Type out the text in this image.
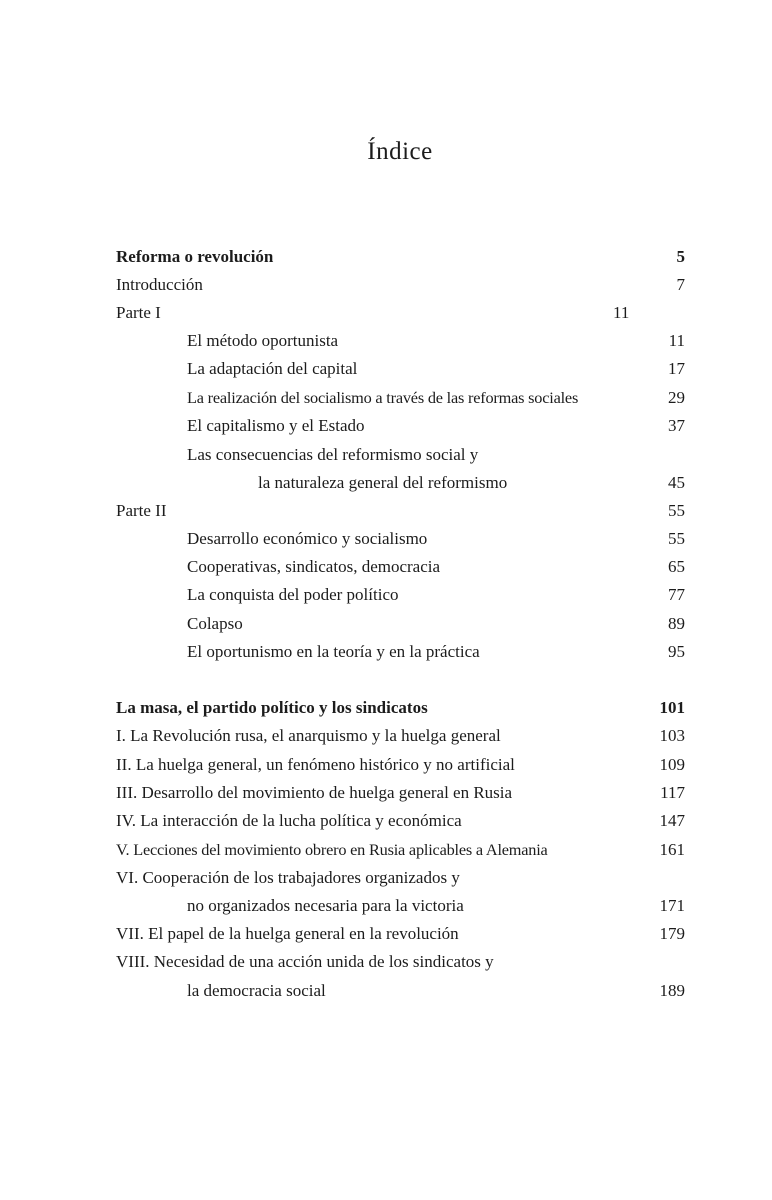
Índice
Reforma o revolución	5
Introducción	7
Parte I	11
El método oportunista	11
La adaptación del capital	17
La realización del socialismo a través de las reformas sociales	29
El capitalismo y el Estado	37
Las consecuencias del reformismo social y
la naturaleza general del reformismo	45
Parte II	55
Desarrollo económico y socialismo	55
Cooperativas, sindicatos, democracia	65
La conquista del poder político	77
Colapso	89
El oportunismo en la teoría y en la práctica	95
La masa, el partido político y los sindicatos	101
I. La Revolución rusa, el anarquismo y la huelga general	103
II. La huelga general, un fenómeno histórico y no artificial	109
III. Desarrollo del movimiento de huelga general en Rusia	117
IV. La interacción de la lucha política y económica	147
V. Lecciones del movimiento obrero en Rusia aplicables a Alemania	161
VI. Cooperación de los trabajadores organizados y
no organizados necesaria para la victoria	171
VII. El papel de la huelga general en la revolución	179
VIII. Necesidad de una acción unida de los sindicatos y
la democracia social	189
